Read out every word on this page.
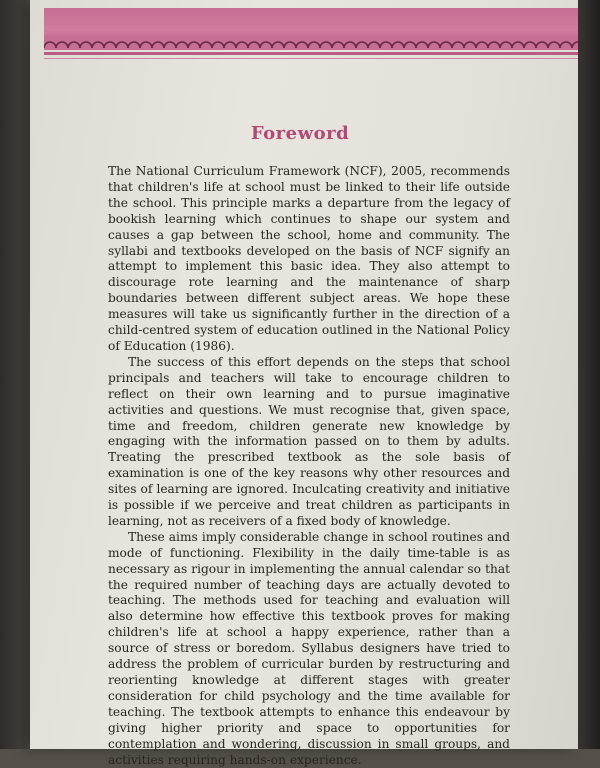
Foreword

The National Curriculum Framework (NCF), 2005, recommends that children's life at school must be linked to their life outside the school. This principle marks a departure from the legacy of bookish learning which continues to shape our system and causes a gap between the school, home and community. The syllabi and textbooks developed on the basis of NCF signify an attempt to implement this basic idea. They also attempt to discourage rote learning and the maintenance of sharp boundaries between different subject areas. We hope these measures will take us significantly further in the direction of a child-centred system of education outlined in the National Policy of Education (1986).

The success of this effort depends on the steps that school principals and teachers will take to encourage children to reflect on their own learning and to pursue imaginative activities and questions. We must recognise that, given space, time and freedom, children generate new knowledge by engaging with the information passed on to them by adults. Treating the prescribed textbook as the sole basis of examination is one of the key reasons why other resources and sites of learning are ignored. Inculcating creativity and initiative is possible if we perceive and treat children as participants in learning, not as receivers of a fixed body of knowledge.

These aims imply considerable change in school routines and mode of functioning. Flexibility in the daily time-table is as necessary as rigour in implementing the annual calendar so that the required number of teaching days are actually devoted to teaching. The methods used for teaching and evaluation will also determine how effective this textbook proves for making children's life at school a happy experience, rather than a source of stress or boredom. Syllabus designers have tried to address the problem of curricular burden by restructuring and reorienting knowledge at different stages with greater consideration for child psychology and the time available for teaching. The textbook attempts to enhance this endeavour by giving higher priority and space to opportunities for contemplation and wondering, discussion in small groups, and activities requiring hands-on experience.
